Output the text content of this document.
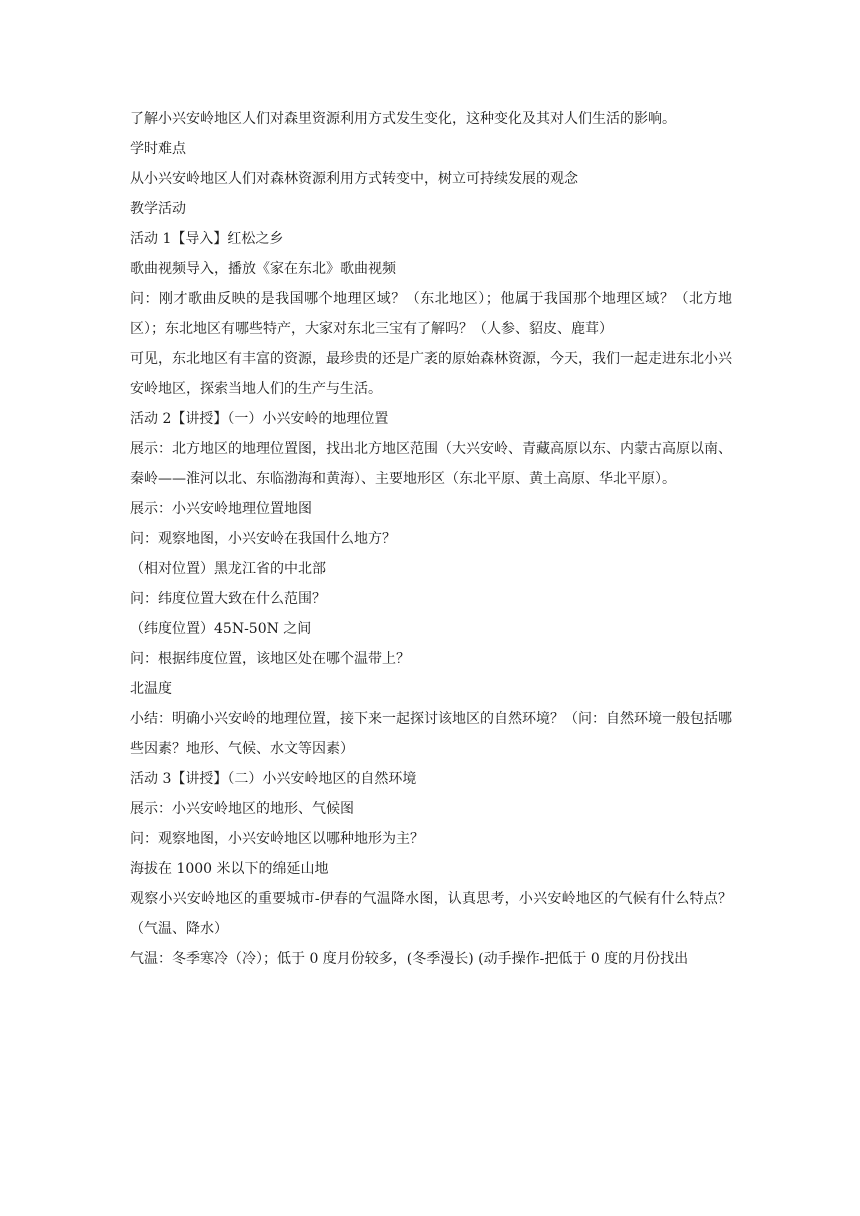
了解小兴安岭地区人们对森里资源利用方式发生变化，这种变化及其对人们生活的影响。

学时难点

从小兴安岭地区人们对森林资源利用方式转变中，树立可持续发展的观念

教学活动

活动 1【导入】红松之乡

歌曲视频导入，播放《家在东北》歌曲视频

问：刚才歌曲反映的是我国哪个地理区域？（东北地区）；他属于我国那个地理区域？（北方地区）；东北地区有哪些特产，大家对东北三宝有了解吗？（人参、貂皮、鹿茸）

可见，东北地区有丰富的资源，最珍贵的还是广袤的原始森林资源，今天，我们一起走进东北小兴安岭地区，探索当地人们的生产与生活。

活动 2【讲授】（一）小兴安岭的地理位置

展示：北方地区的地理位置图，找出北方地区范围（大兴安岭、青藏高原以东、内蒙古高原以南、秦岭——淮河以北、东临渤海和黄海）、主要地形区（东北平原、黄土高原、华北平原）。

展示：小兴安岭地理位置地图

问：观察地图，小兴安岭在我国什么地方？

（相对位置）黑龙江省的中北部

问：纬度位置大致在什么范围？

（纬度位置）45N-50N 之间

问：根据纬度位置，该地区处在哪个温带上？

北温度

小结：明确小兴安岭的地理位置，接下来一起探讨该地区的自然环境？（问：自然环境一般包括哪些因素？地形、气候、水文等因素）

活动 3【讲授】（二）小兴安岭地区的自然环境

展示：小兴安岭地区的地形、气候图

问：观察地图，小兴安岭地区以哪种地形为主？

海拔在 1000 米以下的绵延山地

观察小兴安岭地区的重要城市-伊春的气温降水图，认真思考，小兴安岭地区的气候有什么特点？（气温、降水）

气温：冬季寒冷（冷）；低于 0 度月份较多，(冬季漫长) (动手操作-把低于 0 度的月份找出
